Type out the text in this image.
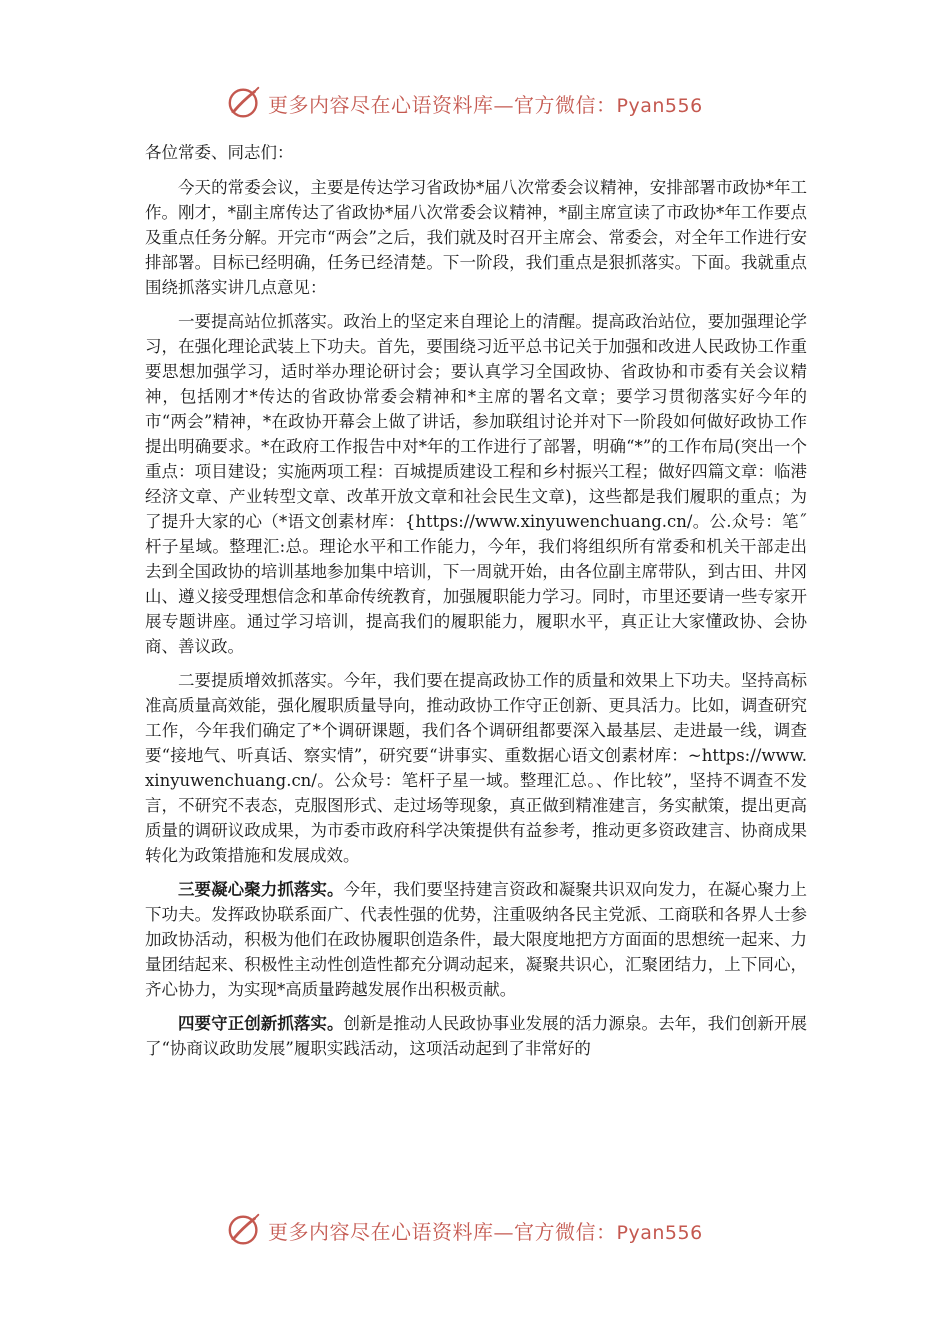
更多内容尽在心语资料库—官方微信：Pyan556
各位常委、同志们：

今天的常委会议，主要是传达学习省政协*届八次常委会议精神，安排部署市政协*年工作。刚才，*副主席传达了省政协*届八次常委会议精神，*副主席宣读了市政协*年工作要点及重点任务分解。开完市“两会”之后，我们就及时召开主席会、常委会，对全年工作进行安排部署。目标已经明确，任务已经清楚。下一阶段，我们重点是狠抓落实。下面。我就重点围绕抓落实讲几点意见：

一要提高站位抓落实。政治上的坚定来自理论上的清醒。提高政治站位，要加强理论学习，在强化理论武装上下功夫。首先，要围绕习近平总书记关于加强和改进人民政协工作重要思想加强学习，适时举办理论研讨会；要认真学习全国政协、省政协和市委有关会议精神，包括刚才*传达的省政协常委会精神和*主席的署名文章；要学习贯彻落实好今年的市“两会”精神，*在政协开幕会上做了讲话，参加联组讨论并对下一阶段如何做好政协工作提出明确要求。*在政府工作报告中对*年的工作进行了部署，明确“*”的工作布局(突出一个重点：项目建设；实施两项工程：百城提质建设工程和乡村振兴工程；做好四篇文章：临港经济文章、产业转型文章、改革开放文章和社会民生文章)，这些都是我们履职的重点；为了提升大家的心（*语文创素材库：{https://www.xinyuwenchuang.cn/。公.众号：笔˝杆子星域。整理汇:总。理论水平和工作能力，今年，我们将组织所有常委和机关干部走出去到全国政协的培训基地参加集中培训，下一周就开始，由各位副主席带队，到古田、井冈山、遵义接受理想信念和革命传统教育，加强履职能力学习。同时，市里还要请一些专家开展专题讲座。通过学习培训，提高我们的履职能力，履职水平，真正让大家懂政协、会协商、善议政。

二要提质增效抓落实。今年，我们要在提高政协工作的质量和效果上下功夫。坚持高标准高质量高效能，强化履职质量导向，推动政协工作守正创新、更具活力。比如，调查研究工作，今年我们确定了*个调研课题，我们各个调研组都要深入最基层、走进最一线，调查要“接地气、听真话、察实情”，研究要“讲事实、重数据心语文创素材库：~https://www.xinyuwenchuang.cn/。公众号：笔杆子星一域。整理汇总。、作比较”，坚持不调查不发言，不研究不表态，克服图形式、走过场等现象，真正做到精准建言，务实献策，提出更高质量的调研议政成果，为市委市政府科学决策提供有益参考，推动更多资政建言、协商成果转化为政策措施和发展成效。

三要凝心聚力抓落实。今年，我们要坚持建言资政和凝聚共识双向发力，在凝心聚力上下功夫。发挥政协联系面广、代表性强的优势，注重吸纳各民主党派、工商联和各界人士参加政协活动，积极为他们在政协履职创造条件，最大限度地把方方面面的思想统一起来、力量团结起来、积极性主动性创造性都充分调动起来，凝聚共识心，汇聚团结力，上下同心，齐心协力，为实现*高质量跨越发展作出积极贡献。

四要守正创新抓落实。创新是推动人民政协事业发展的活力源泉。去年，我们创新开展了“协商议政助发展”履职实践活动，这项活动起到了非常好的

更多内容尽在心语资料库—官方微信：Pyan556
